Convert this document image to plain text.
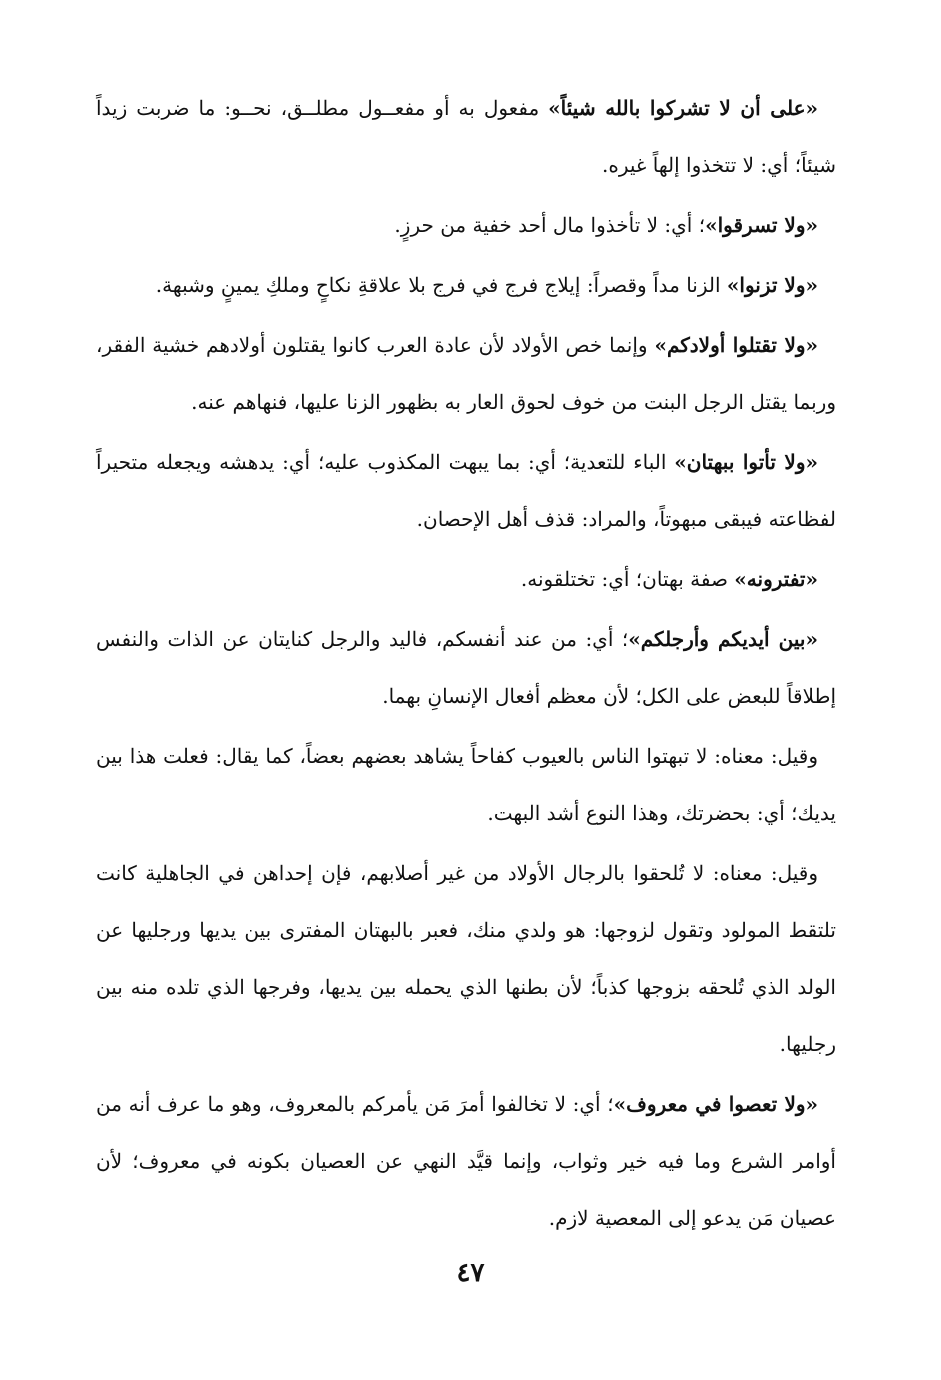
«على أن لا تشركوا بالله شيئاً» مفعول به أو مفعــول مطلــق، نحــو: ما ضربت زيداً شيئاً؛ أي: لا تتخذوا إلهاً غيره.

«ولا تسرقوا»؛ أي: لا تأخذوا مال أحد خفية من حرزٍ.

«ولا تزنوا» الزنا مداً وقصراً: إيلاج فرج في فرج بلا علاقةِ نكاحٍ وملكِ يمينٍ وشبهة.

«ولا تقتلوا أولادكم» وإنما خص الأولاد لأن عادة العرب كانوا يقتلون أولادهم خشية الفقر، وربما يقتل الرجل البنت من خوف لحوق العار به بظهور الزنا عليها، فنهاهم عنه.

«ولا تأتوا ببهتان» الباء للتعدية؛ أي: بما يبهت المكذوب عليه؛ أي: يدهشه ويجعله متحيراً لفظاعته فيبقى مبهوتاً، والمراد: قذف أهل الإحصان.

«تفترونه» صفة بهتان؛ أي: تختلقونه.

«بين أيديكم وأرجلكم»؛ أي: من عند أنفسكم، فاليد والرجل كنايتان عن الذات والنفس إطلاقاً للبعض على الكل؛ لأن معظم أفعال الإنسانِ بهما.

وقيل: معناه: لا تبهتوا الناس بالعيوب كفاحاً يشاهد بعضهم بعضاً، كما يقال: فعلت هذا بين يديك؛ أي: بحضرتك، وهذا النوع أشد البهت.

وقيل: معناه: لا تُلحقوا بالرجال الأولاد من غير أصلابهم، فإن إحداهن في الجاهلية كانت تلتقط المولود وتقول لزوجها: هو ولدي منك، فعبر بالبهتان المفترى بين يديها ورجليها عن الولد الذي تُلحقه بزوجها كذباً؛ لأن بطنها الذي يحمله بين يديها، وفرجها الذي تلده منه بين رجليها.

«ولا تعصوا في معروف»؛ أي: لا تخالفوا أمرَ مَن يأمركم بالمعروف، وهو ما عرف أنه من أوامر الشرع وما فيه خير وثواب، وإنما قيَّد النهي عن العصيان بكونه في معروف؛ لأن عصيان مَن يدعو إلى المعصية لازم.

٤٧
